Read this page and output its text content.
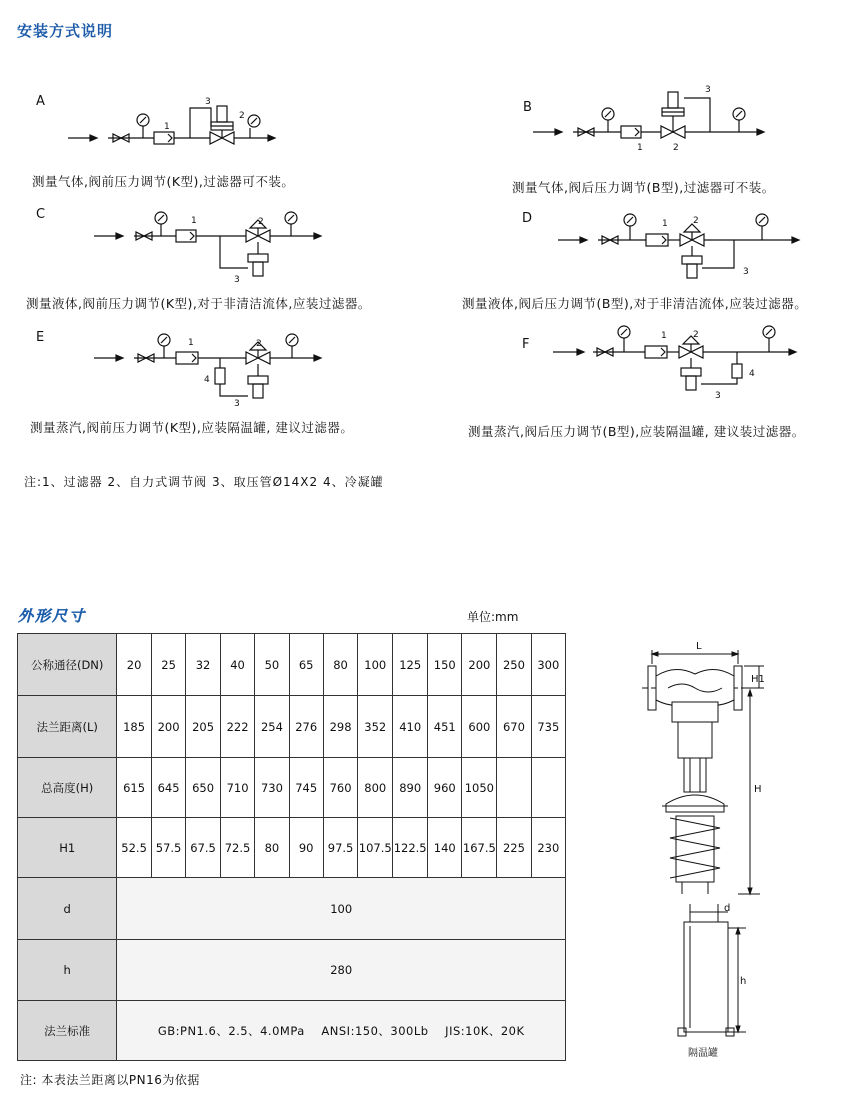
安装方式说明
A
1
2
3
测量气体,阀前压力调节(K型),过滤器可不装。
B
1	2
3
测量气体,阀后压力调节(B型),过滤器可不装。
C	1	2
3
测量液体,阀前压力调节(K型),对于非清洁流体,应装过滤器。
D	1	2
3
测量液体,阀后压力调节(B型),对于非清洁流体,应装过滤器。
E	1	2
4
3
测量蒸汽,阀前压力调节(K型),应装隔温罐, 建议过滤器。
F
1	2
4
3
测量蒸汽,阀后压力调节(B型),应装隔温罐, 建议装过滤器。
注:1、过滤器 2、自力式调节阀 3、取压管Ø14X2 4、冷凝罐
外形尺寸	单位:mm
公称通径(DN)	20	25	32	40	50	65	80	100	125	150	200	250	300
法兰距离(L)	185	200	205	222	254	276	298	352	410	451	600	670	735
总高度(H)	615	645	650	710	730	745	760	800	890	960	1050		
H1	52.5	57.5	67.5	72.5	80	90	97.5	107.5	122.5	140	167.5	225	230
d	100												
h	280												
法兰标准	GB:PN1.6、2.5、4.0MPa    ANSI:150、300Lb    JIS:10K、20K												
注: 本表法兰距离以PN16为依据
L
H1
H
d
h
隔温罐
